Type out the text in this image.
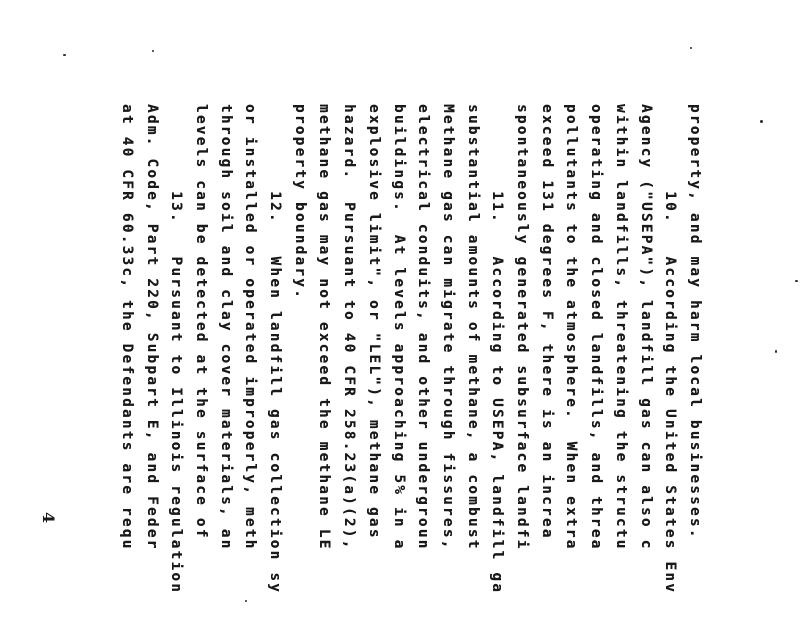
property, and may harm local businesses.
10.   According the United States Env
Agency ("USEPA"), landfill gas can also c
within landfills, threatening the structu
operating and closed landfills, and threa
pollutants to the atmosphere.  When extra
exceed 131 degrees F, there is an increa
spontaneously generated subsurface landfi
11.   According to USEPA, landfill ga
substantial amounts of methane, a combust
Methane gas can migrate through fissures,
electrical conduits, and other undergroun
buildings.  At levels approaching 5% in a
explosive limit", or "LEL"), methane gas
hazard.  Pursuant to 40 CFR 258.23(a)(2),
methane gas may not exceed the methane LE
property boundary.
12.   When landfill gas collection sy
or installed or operated improperly, meth
through soil and clay cover materials, an
levels can be detected at the surface of
13.   Pursuant to Illinois regulation
Adm. Code, Part 220, Subpart E, and Feder
at 40 CFR 60.33c, the Defendants are requ
4
